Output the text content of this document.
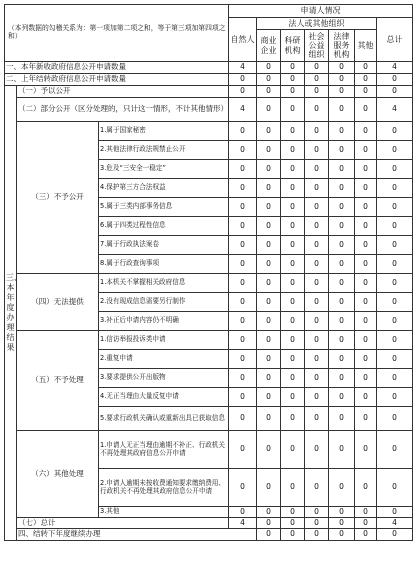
（本列数据的勾稽关系为：第一项加第二项之和，等于第三项加第四项之和）			申请人情况							
			自然人	法人或其他组织					总计	
				商业企业	科研机构	社会公益组织	法律服务机构	其他		
一、本年新收政府信息公开申请数量			4	0	0	0	0	0	4	
二、上年结转政府信息公开申请数量			0	0	0	0	0	0	0	
三、本年度办理结果	（一）予以公开		0	0	0	0	0	0	0	
	（二）部分公开（区分处理的，只计这一情形，不计其他情形）		4	0	0	0	0	0	4	
	（三）不予公开	1.属于国家秘密	0	0	0	0	0	0	0	
		2.其他法律行政法规禁止公开	0	0	0	0	0	0	0	
		3.危及“三安全一稳定”	0	0	0	0	0	0	0	
		4.保护第三方合法权益	0	0	0	0	0	0	0	
		5.属于三类内部事务信息	0	0	0	0	0	0	0	
		6.属于四类过程性信息	0	0	0	0	0	0	0	
		7.属于行政执法案卷	0	0	0	0	0	0	0	
		8.属于行政查询事项	0	0	0	0	0	0	0	
	（四）无法提供	1.本机关不掌握相关政府信息	0	0	0	0	0	0	0	
		2.没有现成信息需要另行制作	0	0	0	0	0	0	0	
		3.补正后申请内容仍不明确	0	0	0	0	0	0	0	
	（五）不予处理	1.信访举报投诉类申请	0	0	0	0	0	0	0	
		2.重复申请	0	0	0	0	0	0	0	
		3.要求提供公开出版物	0	0	0	0	0	0	0	
		4.无正当理由大量反复申请	0	0	0	0	0	0	0	
		5.要求行政机关确认或重新出具已获取信息	0	0	0	0	0	0	0	
	（六）其他处理	1.申请人无正当理由逾期不补正、行政机关不再处理其政府信息公开申请	0	0	0	0	0	0	0	
		2.申请人逾期未按收费通知要求缴纳费用、行政机关不再处理其政府信息公开申请	0	0	0	0	0	0	0	
		3.其他	0	0	0	0	0	0	0	
	（七）总计		4	0	0	0	0	0	4	
	四、结转下年度继续办理			0	0	0	0	0	0	
